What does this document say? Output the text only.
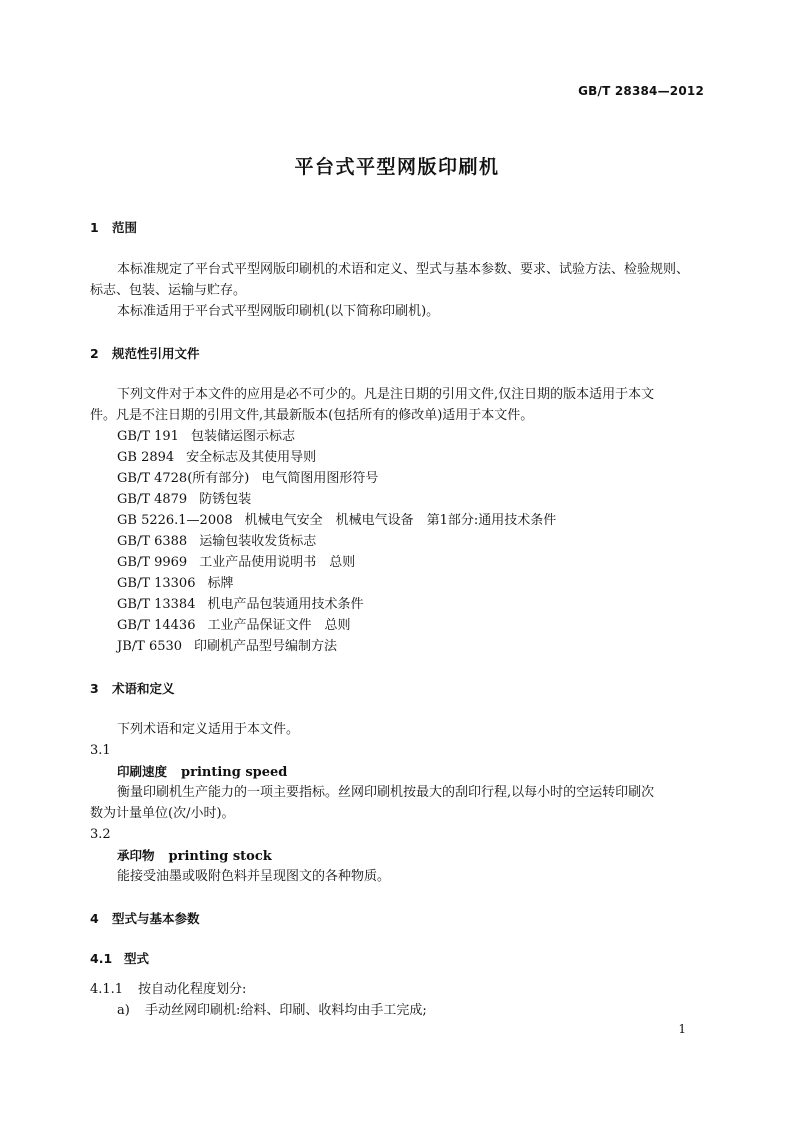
GB/T 28384—2012
平台式平型网版印刷机
1 范围
本标准规定了平台式平型网版印刷机的术语和定义、型式与基本参数、要求、试验方法、检验规则、
标志、包装、运输与贮存。
本标准适用于平台式平型网版印刷机(以下简称印刷机)。
2 规范性引用文件
下列文件对于本文件的应用是必不可少的。凡是注日期的引用文件,仅注日期的版本适用于本文
件。凡是不注日期的引用文件,其最新版本(包括所有的修改单)适用于本文件。
GB/T 191 包装储运图示标志
GB 2894 安全标志及其使用导则
GB/T 4728(所有部分) 电气简图用图形符号
GB/T 4879 防锈包装
GB 5226.1—2008 机械电气安全　机械电气设备　第1部分:通用技术条件
GB/T 6388 运输包装收发货标志
GB/T 9969 工业产品使用说明书　总则
GB/T 13306 标牌
GB/T 13384 机电产品包装通用技术条件
GB/T 14436 工业产品保证文件　总则
JB/T 6530 印刷机产品型号编制方法
3 术语和定义
下列术语和定义适用于本文件。
3.1
印刷速度 printing speed
衡量印刷机生产能力的一项主要指标。丝网印刷机按最大的刮印行程,以每小时的空运转印刷次
数为计量单位(次/小时)。
3.2
承印物 printing stock
能接受油墨或吸附色料并呈现图文的各种物质。
4 型式与基本参数
4.1 型式
4.1.1 按自动化程度划分:
a) 手动丝网印刷机:给料、印刷、收料均由手工完成;
1
